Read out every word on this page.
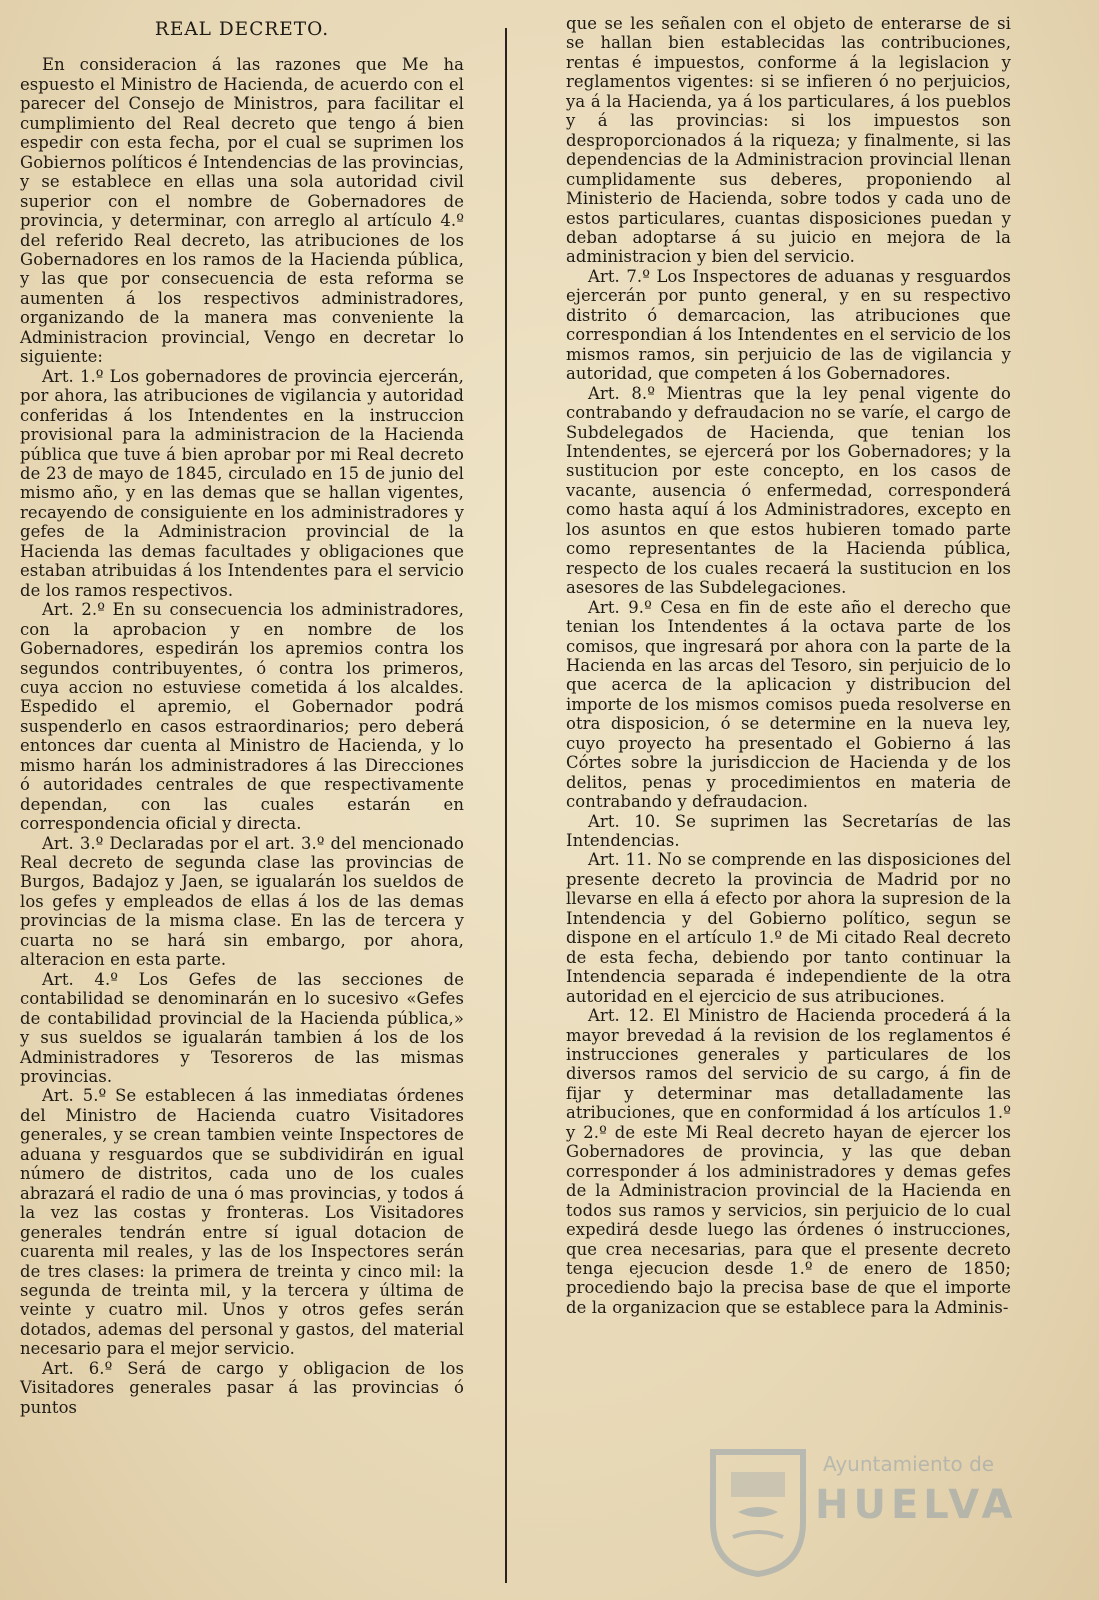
REAL DECRETO.

En consideracion á las razones que Me ha espuesto el Ministro de Hacienda, de acuerdo con el parecer del Consejo de Ministros, para facilitar el cumplimiento del Real decreto que tengo á bien espedir con esta fecha, por el cual se suprimen los Gobiernos políticos é Intendencias de las provincias, y se establece en ellas una sola autoridad civil superior con el nombre de Gobernadores de provincia, y determinar, con arreglo al artículo 4.º del referido Real decreto, las atribuciones de los Gobernadores en los ramos de la Hacienda pública, y las que por consecuencia de esta reforma se aumenten á los respectivos administradores, organizando de la manera mas conveniente la Administracion provincial, Vengo en decretar lo siguiente:

Art. 1.º Los gobernadores de provincia ejercerán, por ahora, las atribuciones de vigilancia y autoridad conferidas á los Intendentes en la instruccion provisional para la administracion de la Hacienda pública que tuve á bien aprobar por mi Real decreto de 23 de mayo de 1845, circulado en 15 de junio del mismo año, y en las demas que se hallan vigentes, recayendo de consiguiente en los administradores y gefes de la Administracion provincial de la Hacienda las demas facultades y obligaciones que estaban atribuidas á los Intendentes para el servicio de los ramos respectivos.

Art. 2.º En su consecuencia los administradores, con la aprobacion y en nombre de los Gobernadores, espedirán los apremios contra los segundos contribuyentes, ó contra los primeros, cuya accion no estuviese cometida á los alcaldes. Espedido el apremio, el Gobernador podrá suspenderlo en casos estraordinarios; pero deberá entonces dar cuenta al Ministro de Hacienda, y lo mismo harán los administradores á las Direcciones ó autoridades centrales de que respectivamente dependan, con las cuales estarán en correspondencia oficial y directa.

Art. 3.º Declaradas por el art. 3.º del mencionado Real decreto de segunda clase las provincias de Burgos, Badajoz y Jaen, se igualarán los sueldos de los gefes y empleados de ellas á los de las demas provincias de la misma clase. En las de tercera y cuarta no se hará sin embargo, por ahora, alteracion en esta parte.

Art. 4.º Los Gefes de las secciones de contabilidad se denominarán en lo sucesivo «Gefes de contabilidad provincial de la Hacienda pública,» y sus sueldos se igualarán tambien á los de los Administradores y Tesoreros de las mismas provincias.

Art. 5.º Se establecen á las inmediatas órdenes del Ministro de Hacienda cuatro Visitadores generales, y se crean tambien veinte Inspectores de aduana y resguardos que se subdividirán en igual número de distritos, cada uno de los cuales abrazará el radio de una ó mas provincias, y todos á la vez las costas y fronteras. Los Visitadores generales tendrán entre sí igual dotacion de cuarenta mil reales, y las de los Inspectores serán de tres clases: la primera de treinta y cinco mil: la segunda de treinta mil, y la tercera y última de veinte y cuatro mil. Unos y otros gefes serán dotados, ademas del personal y gastos, del material necesario para el mejor servicio.

Art. 6.º Será de cargo y obligacion de los Visitadores generales pasar á las provincias ó puntos

que se les señalen con el objeto de enterarse de si se hallan bien establecidas las contribuciones, rentas é impuestos, conforme á la legislacion y reglamentos vigentes: si se infieren ó no perjuicios, ya á la Hacienda, ya á los particulares, á los pueblos y á las provincias: si los impuestos son desproporcionados á la riqueza; y finalmente, si las dependencias de la Administracion provincial llenan cumplidamente sus deberes, proponiendo al Ministerio de Hacienda, sobre todos y cada uno de estos particulares, cuantas disposiciones puedan y deban adoptarse á su juicio en mejora de la administracion y bien del servicio.

Art. 7.º Los Inspectores de aduanas y resguardos ejercerán por punto general, y en su respectivo distrito ó demarcacion, las atribuciones que correspondian á los Intendentes en el servicio de los mismos ramos, sin perjuicio de las de vigilancia y autoridad, que competen á los Gobernadores.

Art. 8.º Mientras que la ley penal vigente do contrabando y defraudacion no se varíe, el cargo de Subdelegados de Hacienda, que tenian los Intendentes, se ejercerá por los Gobernadores; y la sustitucion por este concepto, en los casos de vacante, ausencia ó enfermedad, corresponderá como hasta aquí á los Administradores, excepto en los asuntos en que estos hubieren tomado parte como representantes de la Hacienda pública, respecto de los cuales recaerá la sustitucion en los asesores de las Subdelegaciones.

Art. 9.º Cesa en fin de este año el derecho que tenian los Intendentes á la octava parte de los comisos, que ingresará por ahora con la parte de la Hacienda en las arcas del Tesoro, sin perjuicio de lo que acerca de la aplicacion y distribucion del importe de los mismos comisos pueda resolverse en otra disposicion, ó se determine en la nueva ley, cuyo proyecto ha presentado el Gobierno á las Córtes sobre la jurisdiccion de Hacienda y de los delitos, penas y procedimientos en materia de contrabando y defraudacion.

Art. 10. Se suprimen las Secretarías de las Intendencias.

Art. 11. No se comprende en las disposiciones del presente decreto la provincia de Madrid por no llevarse en ella á efecto por ahora la supresion de la Intendencia y del Gobierno político, segun se dispone en el artículo 1.º de Mi citado Real decreto de esta fecha, debiendo por tanto continuar la Intendencia separada é independiente de la otra autoridad en el ejercicio de sus atribuciones.

Art. 12. El Ministro de Hacienda procederá á la mayor brevedad á la revision de los reglamentos é instrucciones generales y particulares de los diversos ramos del servicio de su cargo, á fin de fijar y determinar mas detalladamente las atribuciones, que en conformidad á los artículos 1.º y 2.º de este Mi Real decreto hayan de ejercer los Gobernadores de provincia, y las que deban corresponder á los administradores y demas gefes de la Administracion provincial de la Hacienda en todos sus ramos y servicios, sin perjuicio de lo cual expedirá desde luego las órdenes ó instrucciones, que crea necesarias, para que el presente decreto tenga ejecucion desde 1.º de enero de 1850; procediendo bajo la precisa base de que el importe de la organizacion que se establece para la Adminis-

Ayuntamiento de
HUELVA
